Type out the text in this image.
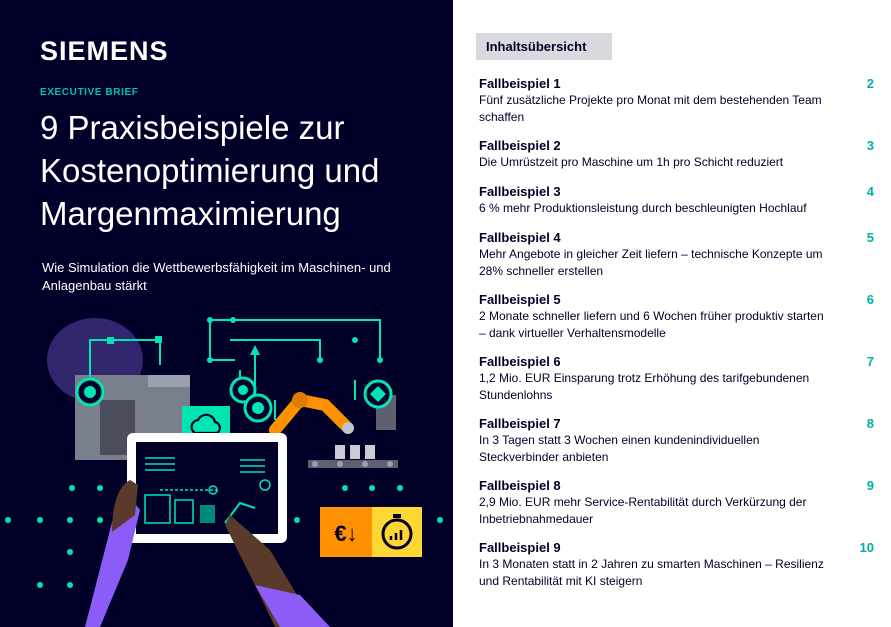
SIEMENS
EXECUTIVE BRIEF
9 Praxisbeispiele zur Kostenoptimierung und Margenmaximierung
Wie Simulation die Wettbewerbsfähigkeit im Maschinen- und Anlagenbau stärkt
€↓
Inhaltsübersicht
Fallbeispiel 1
Fünf zusätzliche Projekte pro Monat mit dem bestehenden Team schaffen
2
Fallbeispiel 2
Die Umrüstzeit pro Maschine um 1h pro Schicht reduziert
3
Fallbeispiel 3
6 % mehr Produktionsleistung durch beschleunigten Hochlauf
4
Fallbeispiel 4
Mehr Angebote in gleicher Zeit liefern – technische Konzepte um 28% schneller erstellen
5
Fallbeispiel 5
2 Monate schneller liefern und 6 Wochen früher produktiv starten – dank virtueller Verhaltensmodelle
6
Fallbeispiel 6
1,2 Mio. EUR Einsparung trotz Erhöhung des tarifgebundenen Stundenlohns
7
Fallbeispiel 7
In 3 Tagen statt 3 Wochen einen kundenindividuellen Steckverbinder anbieten
8
Fallbeispiel 8
2,9 Mio. EUR mehr Service-Rentabilität durch Verkürzung der Inbetriebnahmedauer
9
Fallbeispiel 9
In 3 Monaten statt in 2 Jahren zu smarten Maschinen – Resilienz und Rentabilität mit KI steigern
10
